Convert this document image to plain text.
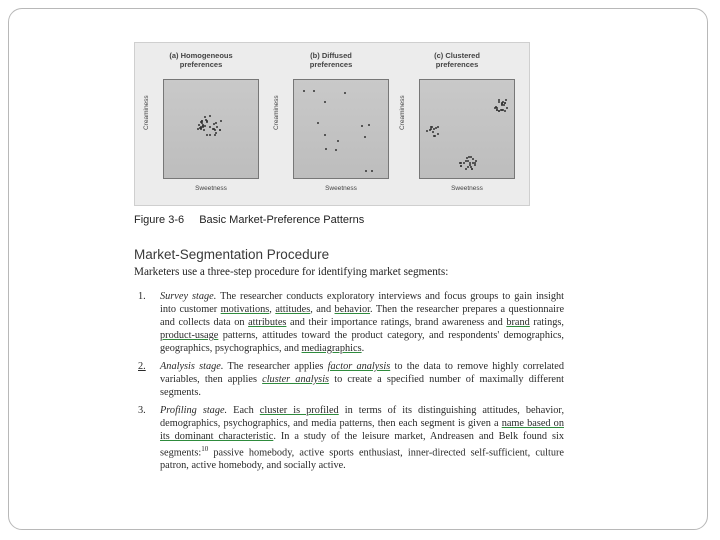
(a) Homogeneous
preferences
Creaminess
Sweetness
(b) Diffused
preferences
Creaminess
Sweetness
(c) Clustered
preferences
Creaminess
Sweetness
Figure 3-6 Basic Market-Preference Patterns
Market-Segmentation Procedure
Marketers use a three-step procedure for identifying market segments:
1. Survey stage. The researcher conducts exploratory interviews and focus groups to gain insight into customer motivations, attitudes, and behavior. Then the researcher prepares a questionnaire and collects data on attributes and their importance ratings, brand awareness and brand ratings, product-usage patterns, attitudes toward the product category, and respondents' demographics, geographics, psychographics, and mediagraphics.
2. Analysis stage. The researcher applies factor analysis to the data to remove highly correlated variables, then applies cluster analysis to create a specified number of maximally different segments.
3. Profiling stage. Each cluster is profiled in terms of its distinguishing attitudes, behavior, demographics, psychographics, and media patterns, then each segment is given a name based on its dominant characteristic. In a study of the leisure market, Andreasen and Belk found six segments:$^{10}$ passive homebody, active sports enthusiast, inner-directed self-sufficient, culture patron, active homebody, and socially active.
